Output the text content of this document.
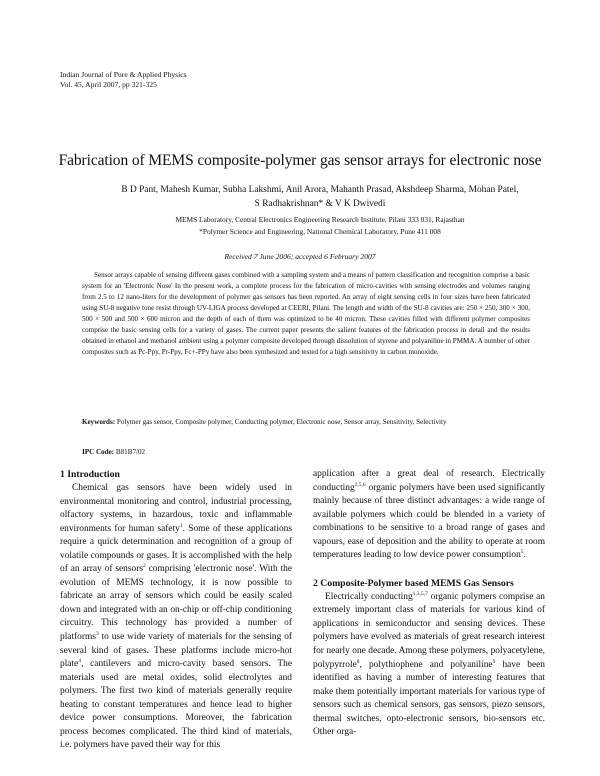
Indian Journal of Pure & Applied Physics
Vol. 45, April 2007, pp 321-325
Fabrication of MEMS composite-polymer gas sensor arrays for electronic nose
B D Pant, Mahesh Kumar, Subha Lakshmi, Anil Arora, Mahanth Prasad, Akshdeep Sharma, Mohan Patel,
S Radhakrishnan* & V K Dwivedi
MEMS Laboratory, Central Electronics Engineering Research Institute, Pilani 333 031, Rajasthan
*Polymer Science and Engineering, National Chemical Laboratory, Pune 411 008
Received 7 June 2006; accepted 6 February 2007
Sensor arrays capable of sensing different gases combined with a sampling system and a means of pattern classification and recognition comprise a basic system for an 'Electronic Nose' In the present work, a complete process for the fabrication of micro-cavities with sensing electrodes and volumes ranging from 2.5 to 12 nano-liters for the development of polymer gas sensors has been reported. An array of eight sensing cells in four sizes have been fabricated using SU-8 negative tone resist through UV-LIGA process developed at CEERI, Pilani. The length and width of the SU-8 cavities are: 250 × 250, 300 × 300, 500 × 500 and 500 × 600 micron and the depth of each of them was optimized to be 40 micron. These cavities filled with different polymer composites comprise the basic sensing cells for a variety of gases. The current paper presents the salient features of the fabrication process in detail and the results obtained in ethanol and methanol ambient using a polymer composite developed through dissolution of styrene and polyaniline in PMMA. A number of other composites such as Pc-Ppy, Pr-Ppy, Fc+-PPy have also been synthesized and tested for a high sensitivity in carbon monoxide.
Keywords: Polymer gas sensor, Composite polymer, Conducting polymer, Electronic nose, Sensor array, Sensitivity, Selectivity
IPC Code: B81B7/02
1 Introduction

Chemical gas sensors have been widely used in environmental monitoring and control, industrial processing, olfactory systems, in hazardous, toxic and inflammable environments for human safety$^1$. Some of these applications require a quick determination and recognition of a group of volatile compounds or gases. It is accomplished with the help of an array of sensors$^2$ comprising 'electronic nose'. With the evolution of MEMS technology, it is now possible to fabricate an array of sensors which could be easily scaled down and integrated with an on-chip or off-chip conditioning circuitry. This technology has provided a number of platforms$^3$ to use wide variety of materials for the sensing of several kind of gases. These platforms include micro-hot plate$^4$, cantilevers and micro-cavity based sensors. The materials used are metal oxides, solid electrolytes and polymers. The first two kind of materials generally require heating to constant temperatures and hence lead to higher device power consumptions. Moreover, the fabrication process becomes complicated. The third kind of materials, i.e. polymers have paved their way for this

application after a great deal of research. Electrically conducting$^{2,5,6}$ organic polymers have been used significantly mainly because of three distinct advantages: a wide range of available polymers which could be blended in a variety of combinations to be sensitive to a broad range of gases and vapours, ease of deposition and the ability to operate at room temperatures leading to low device power consumption$^5$.

2 Composite-Polymer based MEMS Gas Sensors

Electrically conducting$^{1,3,5,7}$ organic polymers comprise an extremely important class of materials for various kind of applications in semiconductor and sensing devices. These polymers have evolved as materials of great research interest for nearly one decade. Among these polymers, polyacetylene, polypyrrole$^8$, polythiophene and polyaniline$^9$ have been identified as having a number of interesting features that make them potentially important materials for various type of sensors such as chemical sensors, gas sensors, piezo sensors, thermal switches, opto-electronic sensors, bio-sensors etc. Other orga-
